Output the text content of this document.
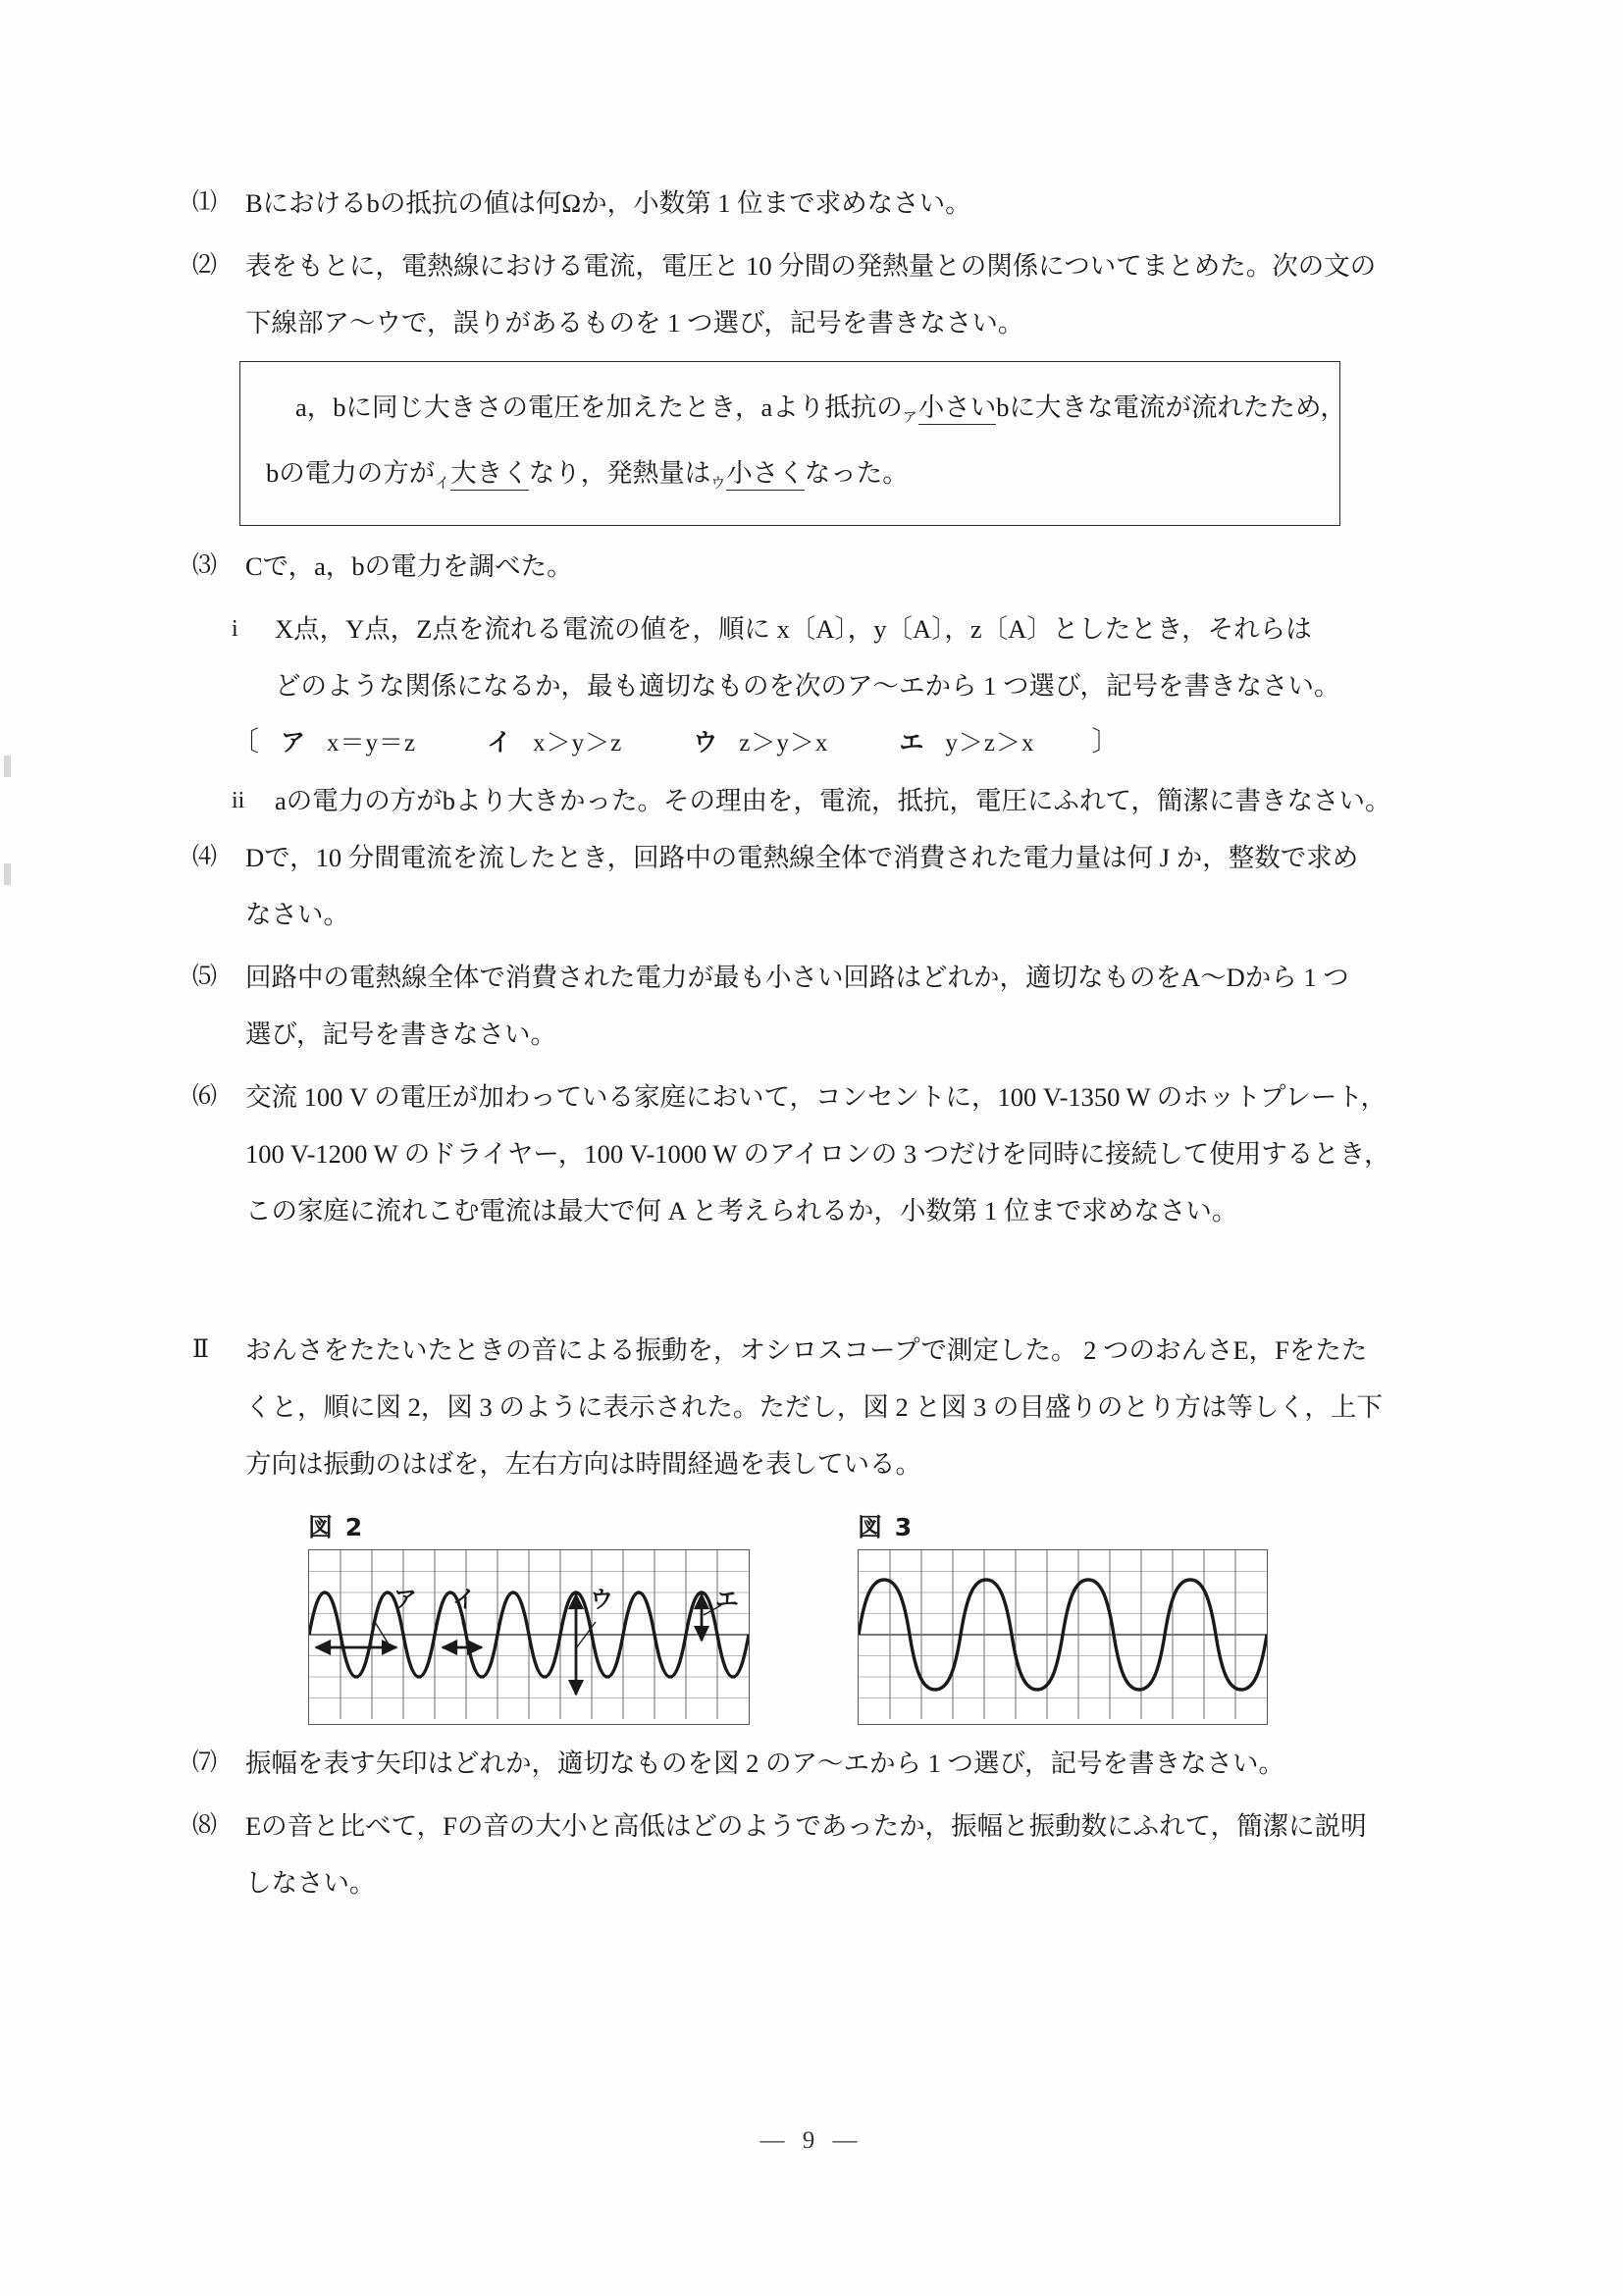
⑴	Bにおけるbの抵抗の値は何Ωか，小数第 1 位まで求めなさい。
⑵	表をもとに，電熱線における電流，電圧と 10 分間の発熱量との関係についてまとめた。次の文の
下線部ア～ウで，誤りがあるものを 1 つ選び，記号を書きなさい。
a，bに同じ大きさの電圧を加えたとき，aより抵抗の$_ア$小さいbに大きな電流が流れたため，
bの電力の方が$_イ$大きくなり，発熱量は$_ウ$小さくなった。
⑶	Cで，a，bの電力を調べた。
i	X点，Y点，Z点を流れる電流の値を，順に x〔A〕，y〔A〕，z〔A〕としたとき，それらは
どのような関係になるか，最も適切なものを次のア～エから 1 つ選び，記号を書きなさい。
〔 ア x＝y＝z	イ x＞y＞z	ウ z＞y＞x	エ y＞z＞x 〕
ii	aの電力の方がbより大きかった。その理由を，電流，抵抗，電圧にふれて，簡潔に書きなさい。
⑷	Dで，10 分間電流を流したとき，回路中の電熱線全体で消費された電力量は何 J か，整数で求め
なさい。
⑸	回路中の電熱線全体で消費された電力が最も小さい回路はどれか，適切なものをA～Dから 1 つ
選び，記号を書きなさい。
⑹	交流 100 V の電圧が加わっている家庭において，コンセントに，100 V-1350 W のホットプレート，
100 V-1200 W のドライヤー，100 V-1000 W のアイロンの 3 つだけを同時に接続して使用するとき，
この家庭に流れこむ電流は最大で何 A と考えられるか，小数第 1 位まで求めなさい。
Ⅱ	おんさをたたいたときの音による振動を，オシロスコープで測定した。 2 つのおんさE，Fをたた
くと，順に図 2，図 3 のように表示された。ただし，図 2 と図 3 の目盛りのとり方は等しく，上下
方向は振動のはばを，左右方向は時間経過を表している。
図 2
ア イ	ウ	エ
図 3
⑺	振幅を表す矢印はどれか，適切なものを図 2 のア～エから 1 つ選び，記号を書きなさい。
⑻	Eの音と比べて，Fの音の大小と高低はどのようであったか，振幅と振動数にふれて，簡潔に説明
しなさい。
— 9 —
